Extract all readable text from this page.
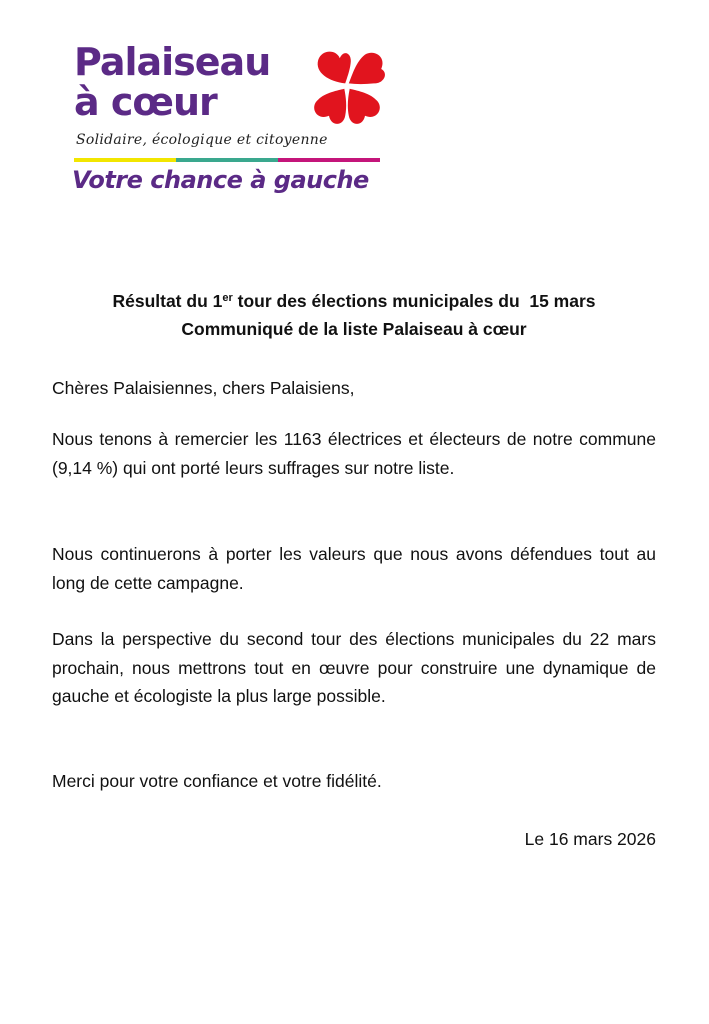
Palaiseau
à cœur
Solidaire, écologique et citoyenne
Votre chance à gauche
Résultat du 1er tour des élections municipales du  15 mars
Communiqué de la liste Palaiseau à cœur

Chères Palaisiennes, chers Palaisiens,

Nous tenons à remercier les 1163 électrices et électeurs de notre commune (9,14 %) qui ont porté leurs suffrages sur notre liste.

Nous continuerons à porter les valeurs que nous avons défendues tout au long de cette campagne.

Dans la perspective du second tour des élections municipales du 22 mars prochain, nous mettrons tout en œuvre pour construire une dynamique de gauche et écologiste la plus large possible.

Merci pour votre confiance et votre fidélité.

Le 16 mars 2026
